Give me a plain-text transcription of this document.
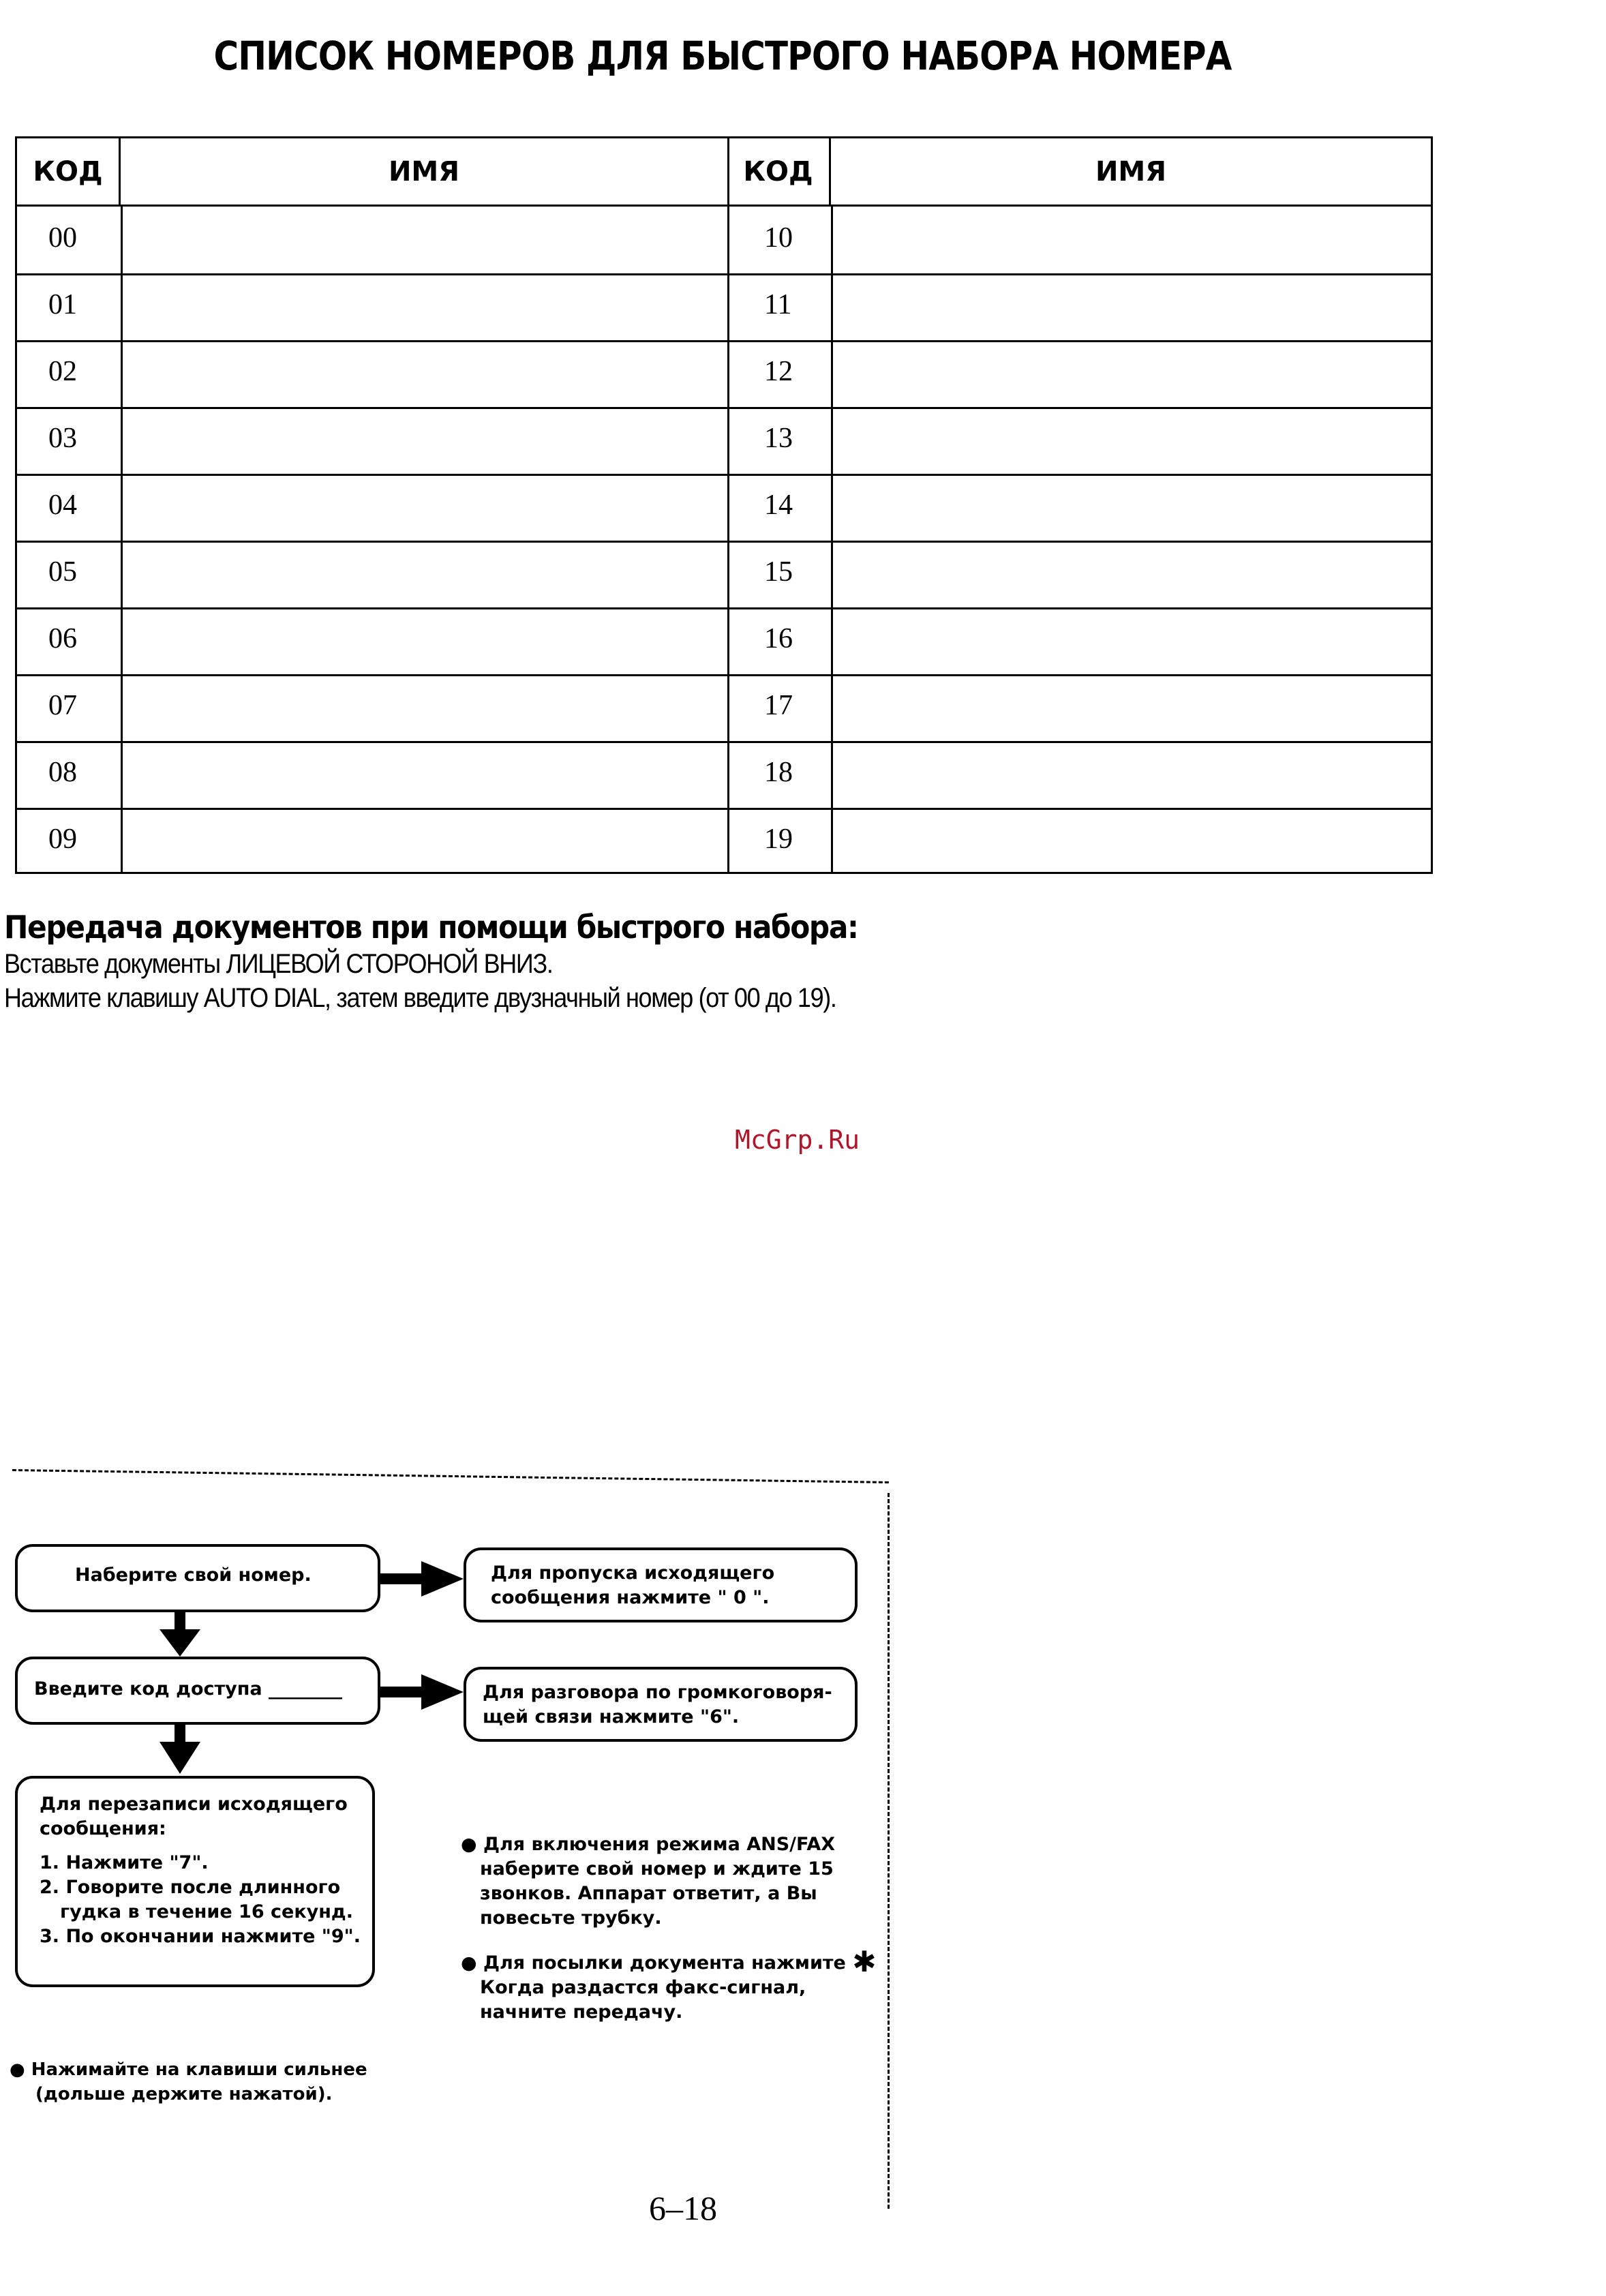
СПИСОК НОМЕРОВ ДЛЯ БЫСТРОГО НАБОРА НОМЕРА
КОД	ИМЯ
00
01
02
03
04
05
06
07
08
09
КОД	ИМЯ
10
11
12
13
14
15
16
17
18
19
Передача документов при помощи быстрого набора:
Вставьте документы ЛИЦЕВОЙ СТОРОНОЙ ВНИЗ.
Нажмите клавишу AUTO DIAL, затем введите двузначный номер (от 00 до 19).
McGrp.Ru
Наберите свой номер.
Введите код доступа ________
Для перезаписи исходящего
сообщения:
1. Нажмите "7".
2. Говорите после длинного
гудка в течение 16 секунд.
3. По окончании нажмите "9".
Для пропуска исходящего
сообщения нажмите " 0 ".
Для разговора по громкоговоря-
щей связи нажмите "6".
● Для включения режима ANS/FAX
наберите свой номер и ждите 15
звонков. Аппарат ответит, а Вы
повесьте трубку.
● Для посылки документа нажмите ✱
Когда раздастся факс-сигнал,
начните передачу.
● Нажимайте на клавиши сильнее
(дольше держите нажатой).
6–18
